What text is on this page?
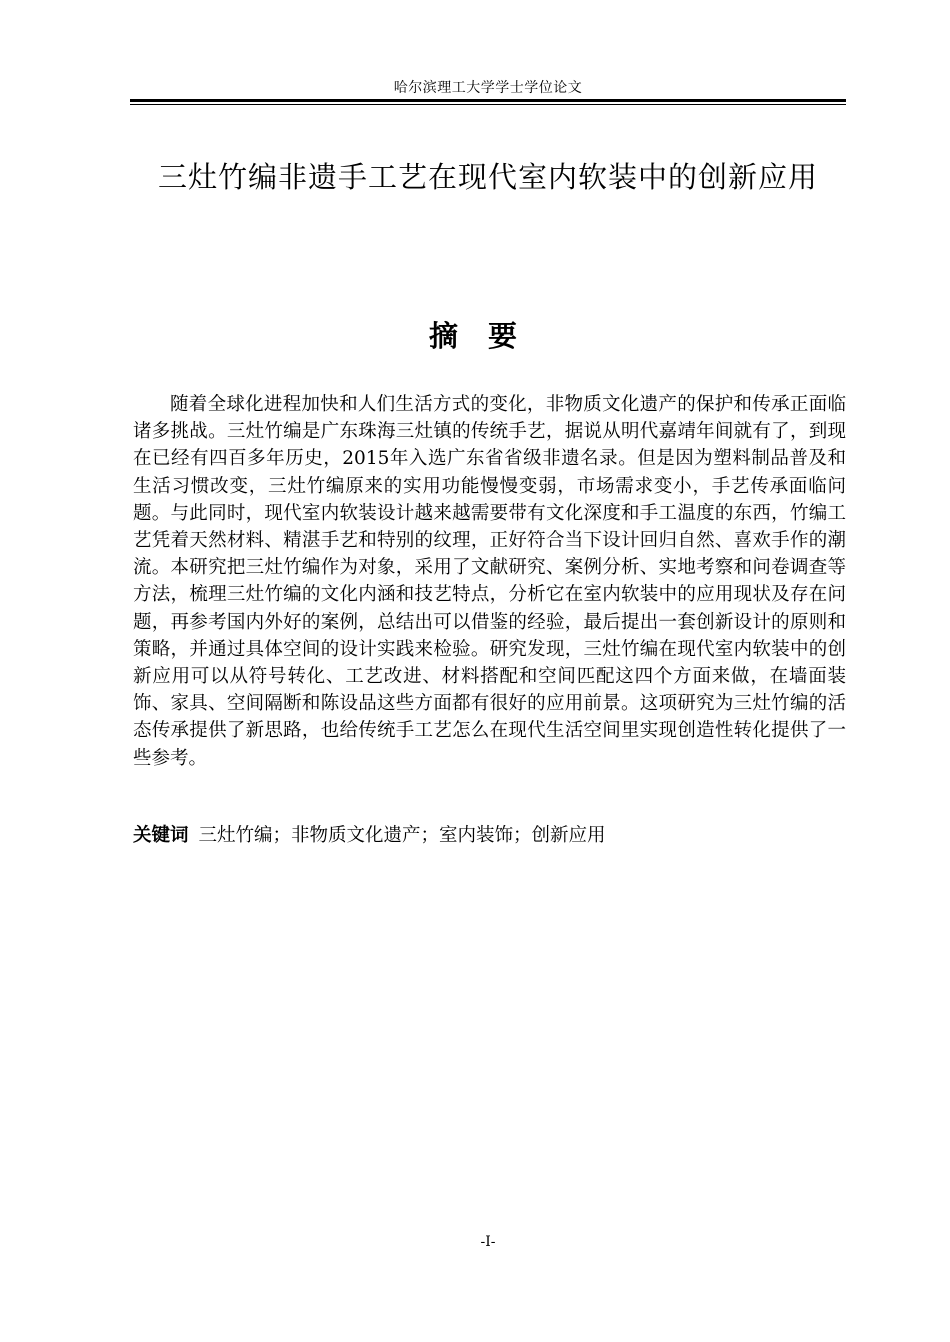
哈尔滨理工大学学士学位论文
三灶竹编非遗手工艺在现代室内软装中的创新应用
摘要

随着全球化进程加快和人们生活方式的变化，非物质文化遗产的保护和传承正面临诸多挑战。三灶竹编是广东珠海三灶镇的传统手艺，据说从明代嘉靖年间就有了，到现在已经有四百多年历史，2015年入选广东省省级非遗名录。但是因为塑料制品普及和生活习惯改变，三灶竹编原来的实用功能慢慢变弱，市场需求变小，手艺传承面临问题。与此同时，现代室内软装设计越来越需要带有文化深度和手工温度的东西，竹编工艺凭着天然材料、精湛手艺和特别的纹理，正好符合当下设计回归自然、喜欢手作的潮流。本研究把三灶竹编作为对象，采用了文献研究、案例分析、实地考察和问卷调查等方法，梳理三灶竹编的文化内涵和技艺特点，分析它在室内软装中的应用现状及存在问题，再参考国内外好的案例，总结出可以借鉴的经验，最后提出一套创新设计的原则和策略，并通过具体空间的设计实践来检验。研究发现，三灶竹编在现代室内软装中的创新应用可以从符号转化、工艺改进、材料搭配和空间匹配这四个方面来做，在墙面装饰、家具、空间隔断和陈设品这些方面都有很好的应用前景。这项研究为三灶竹编的活态传承提供了新思路，也给传统手工艺怎么在现代生活空间里实现创造性转化提供了一些参考。

关键词 三灶竹编；非物质文化遗产；室内装饰；创新应用

-I-
